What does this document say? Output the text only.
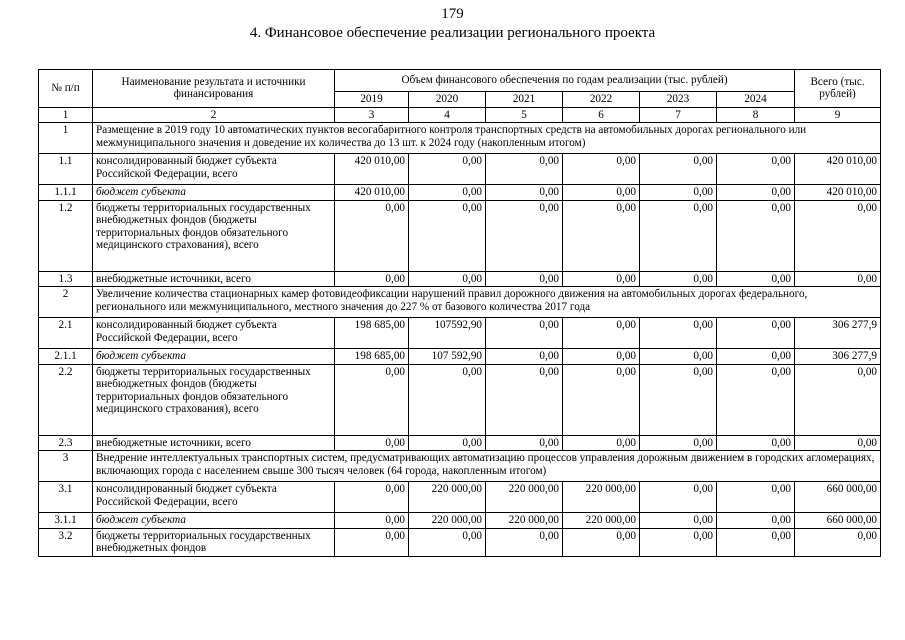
179
4. Финансовое обеспечение реализации регионального проекта
№ п/п	Наименование результата и источники финансирования	Объем финансового обеспечения по годам реализации (тыс. рублей)						Всего (тыс. рублей)
		2019	2020	2021	2022	2023	2024	
1	2	3	4	5	6	7	8	9
1	Размещение в 2019 году 10 автоматических пунктов весогабаритного контроля транспортных средств на автомобильных дорогах регионального или межмуниципального значения и доведение их количества до 13 шт. к 2024 году (накопленным итогом)							
1.1	консолидированный бюджет субъекта Российской Федерации, всего	420 010,00	0,00	0,00	0,00	0,00	0,00	420 010,00
1.1.1	бюджет субъекта	420 010,00	0,00	0,00	0,00	0,00	0,00	420 010,00
1.2	бюджеты территориальных государственных внебюджетных фондов (бюджеты территориальных фондов обязательного медицинского страхования), всего	0,00	0,00	0,00	0,00	0,00	0,00	0,00
1.3	внебюджетные источники, всего	0,00	0,00	0,00	0,00	0,00	0,00	0,00
2	Увеличение количества стационарных камер фотовидеофиксации нарушений правил дорожного движения на автомобильных дорогах федерального, регионального или межмуниципального, местного значения до 227 % от базового количества 2017 года							
2.1	консолидированный бюджет субъекта Российской Федерации, всего	198 685,00	107592,90	0,00	0,00	0,00	0,00	306 277,9
2.1.1	бюджет субъекта	198 685,00	107 592,90	0,00	0,00	0,00	0,00	306 277,9
2.2	бюджеты территориальных государственных внебюджетных фондов (бюджеты территориальных фондов обязательного медицинского страхования), всего	0,00	0,00	0,00	0,00	0,00	0,00	0,00
2.3	внебюджетные источники, всего	0,00	0,00	0,00	0,00	0,00	0,00	0,00
3	Внедрение интеллектуальных транспортных систем, предусматривающих автоматизацию процессов управления дорожным движением в городских агломерациях, включающих города с населением свыше 300 тысяч человек (64 города, накопленным итогом)							
3.1	консолидированный бюджет субъекта Российской Федерации, всего	0,00	220 000,00	220 000,00	220 000,00	0,00	0,00	660 000,00
3.1.1	бюджет субъекта	0,00	220 000,00	220 000,00	220 000,00	0,00	0,00	660 000,00
3.2	бюджеты территориальных государственных внебюджетных фондов	0,00	0,00	0,00	0,00	0,00	0,00	0,00
